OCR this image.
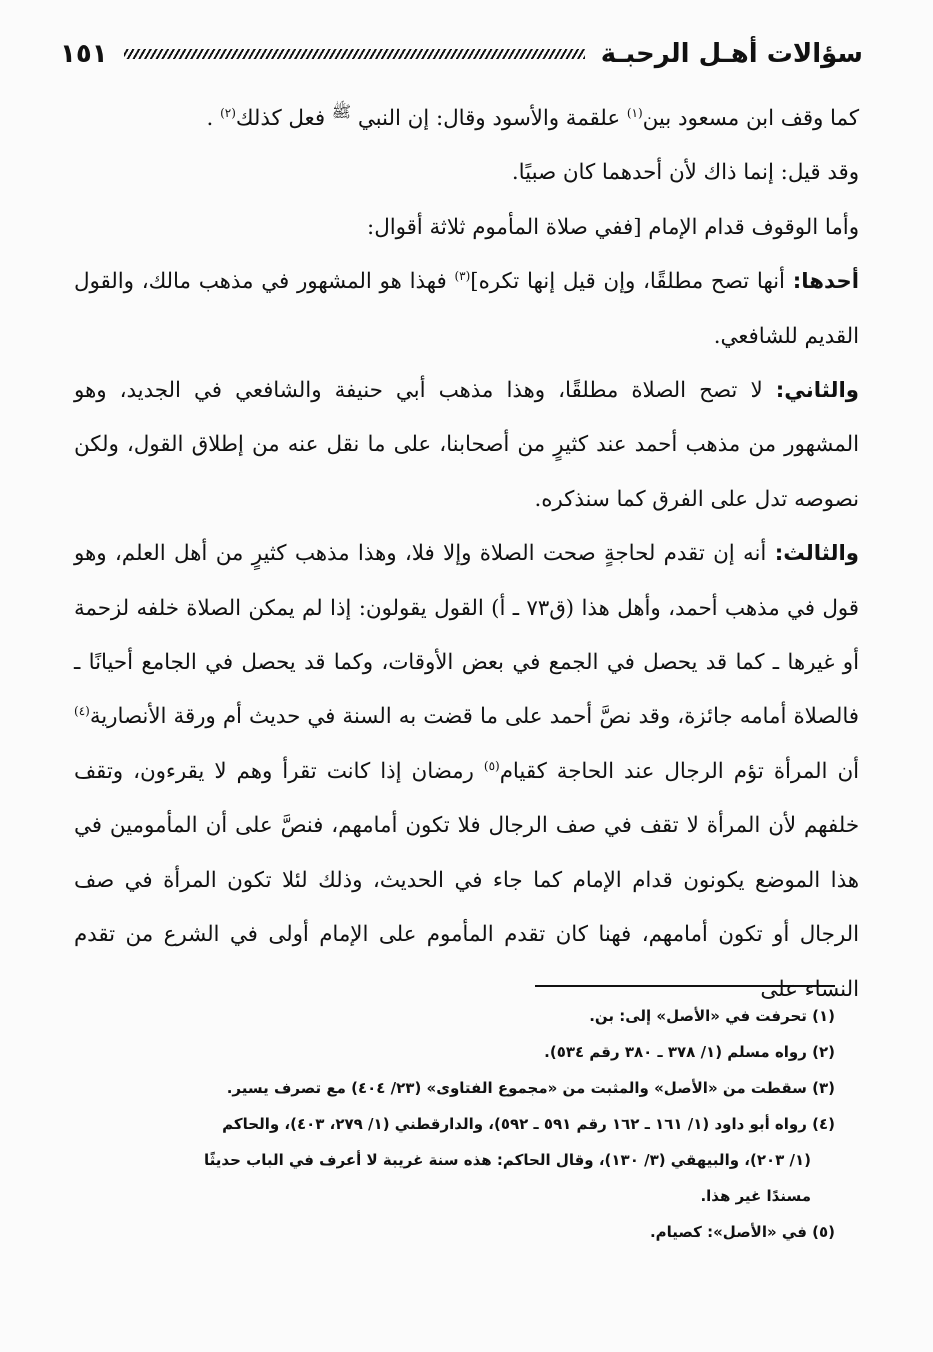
سؤالات أهـل الرحبـة
١٥١

كما وقف ابن مسعود بين$^{(١)}$ علقمة والأسود وقال: إن النبي $^ﷺ$ فعل كذلك$^{(٢)}$ .

وقد قيل: إنما ذاك لأن أحدهما كان صبيًا.

وأما الوقوف قدام الإمام [ففي صلاة المأموم ثلاثة أقوال:

أحدها: أنها تصح مطلقًا، وإن قيل إنها تكره]$^{(٣)}$ فهذا هو المشهور في مذهب مالك، والقول القديم للشافعي.

والثاني: لا تصح الصلاة مطلقًا، وهذا مذهب أبي حنيفة والشافعي في الجديد، وهو المشهور من مذهب أحمد عند كثيرٍ من أصحابنا، على ما نقل عنه من إطلاق القول، ولكن نصوصه تدل على الفرق كما سنذكره.

والثالث: أنه إن تقدم لحاجةٍ صحت الصلاة وإلا فلا، وهذا مذهب كثيرٍ من أهل العلم، وهو قول في مذهب أحمد، وأهل هذا (ق٧٣ ـ أ) القول يقولون: إذا لم يمكن الصلاة خلفه لزحمة أو غيرها ـ كما قد يحصل في الجمع في بعض الأوقات، وكما قد يحصل في الجامع أحيانًا ـ فالصلاة أمامه جائزة، وقد نصَّ أحمد على ما قضت به السنة في حديث أم ورقة الأنصارية$^{(٤)}$ أن المرأة تؤم الرجال عند الحاجة كقيام$^{(٥)}$ رمضان إذا كانت تقرأ وهم لا يقرءون، وتقف خلفهم لأن المرأة لا تقف في صف الرجال فلا تكون أمامهم، فنصَّ على أن المأمومين في هذا الموضع يكونون قدام الإمام كما جاء في الحديث، وذلك لئلا تكون المرأة في صف الرجال أو تكون أمامهم، فهنا كان تقدم المأموم على الإمام أولى في الشرع من تقدم النساء على

(١) تحرفت في «الأصل» إلى: بن.

(٢) رواه مسلم (١/ ٣٧٨ ـ ٣٨٠ رقم ٥٣٤).

(٣) سقطت من «الأصل» والمثبت من «مجموع الفتاوى» (٢٣/ ٤٠٤) مع تصرف يسير.

(٤) رواه أبو داود (١/ ١٦١ ـ ١٦٢ رقم ٥٩١ ـ ٥٩٢)، والدارقطني (١/ ٢٧٩، ٤٠٣)، والحاكم

(١/ ٢٠٣)، والبيهقي (٣/ ١٣٠)، وقال الحاكم: هذه سنة غريبة لا أعرف في الباب حديثًا

مسندًا غير هذا.

(٥) في «الأصل»: كصيام.
